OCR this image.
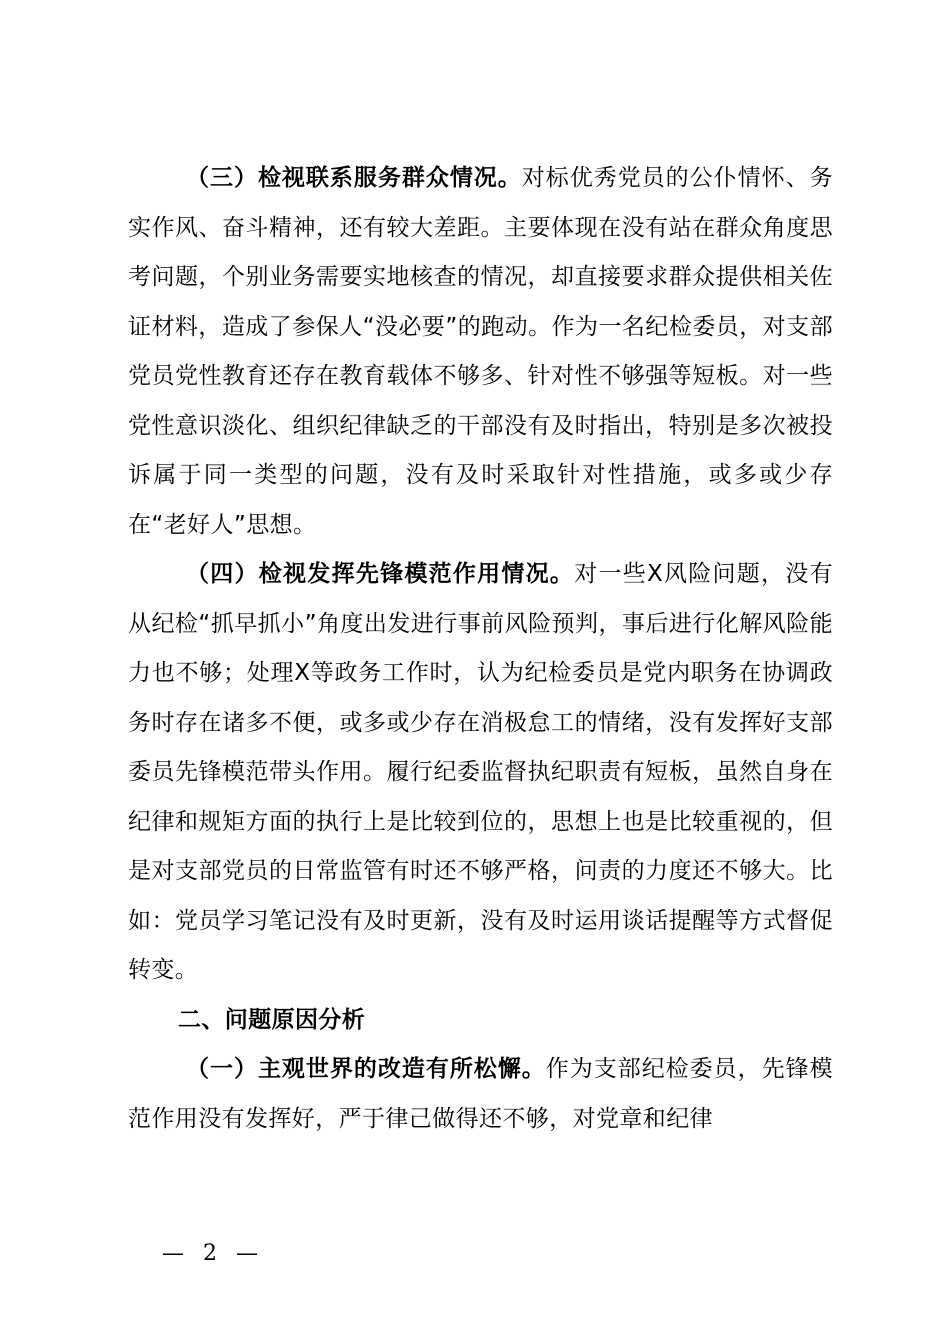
（三）检视联系服务群众情况。对标优秀党员的公仆情怀、务实作风、奋斗精神，还有较大差距。主要体现在没有站在群众角度思考问题，个别业务需要实地核查的情况，却直接要求群众提供相关佐证材料，造成了参保人“没必要”的跑动。作为一名纪检委员，对支部党员党性教育还存在教育载体不够多、针对性不够强等短板。对一些党性意识淡化、组织纪律缺乏的干部没有及时指出，特别是多次被投诉属于同一类型的问题，没有及时采取针对性措施，或多或少存在“老好人”思想。

（四）检视发挥先锋模范作用情况。对一些X风险问题，没有从纪检“抓早抓小”角度出发进行事前风险预判，事后进行化解风险能力也不够；处理X等政务工作时，认为纪检委员是党内职务在协调政务时存在诸多不便，或多或少存在消极怠工的情绪，没有发挥好支部委员先锋模范带头作用。履行纪委监督执纪职责有短板，虽然自身在纪律和规矩方面的执行上是比较到位的，思想上也是比较重视的，但是对支部党员的日常监管有时还不够严格，问责的力度还不够大。比如：党员学习笔记没有及时更新，没有及时运用谈话提醒等方式督促转变。

二、问题原因分析

（一）主观世界的改造有所松懈。作为支部纪检委员，先锋模范作用没有发挥好，严于律己做得还不够，对党章和纪律

— 2 —
